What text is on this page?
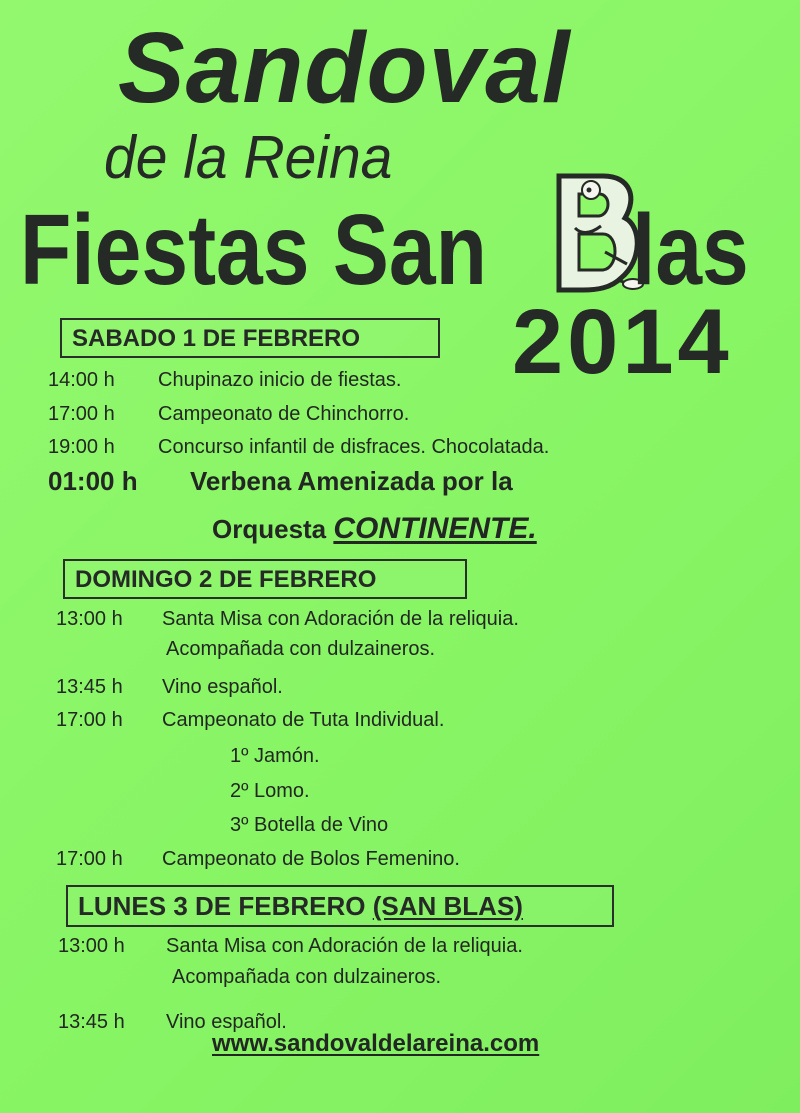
Sandoval
de la Reina
Fiestas San las
2014
SABADO 1 DE FEBRERO
14:00 h Chupinazo inicio de fiestas.
17:00 h Campeonato de Chinchorro.
19:00 h Concurso infantil de disfraces. Chocolatada.
01:00 h Verbena Amenizada por la
Orquesta CONTINENTE.
DOMINGO 2 DE FEBRERO
13:00 h Santa Misa con Adoración de la reliquia.
Acompañada con dulzaineros.
13:45 h Vino español.
17:00 h Campeonato de Tuta Individual.
1º Jamón.
2º Lomo.
3º Botella de Vino
17:00 h Campeonato de Bolos Femenino.
LUNES 3 DE FEBRERO (SAN BLAS)
13:00 h Santa Misa con Adoración de la reliquia.
Acompañada con dulzaineros.
13:45 h Vino español.
www.sandovaldelareina.com
